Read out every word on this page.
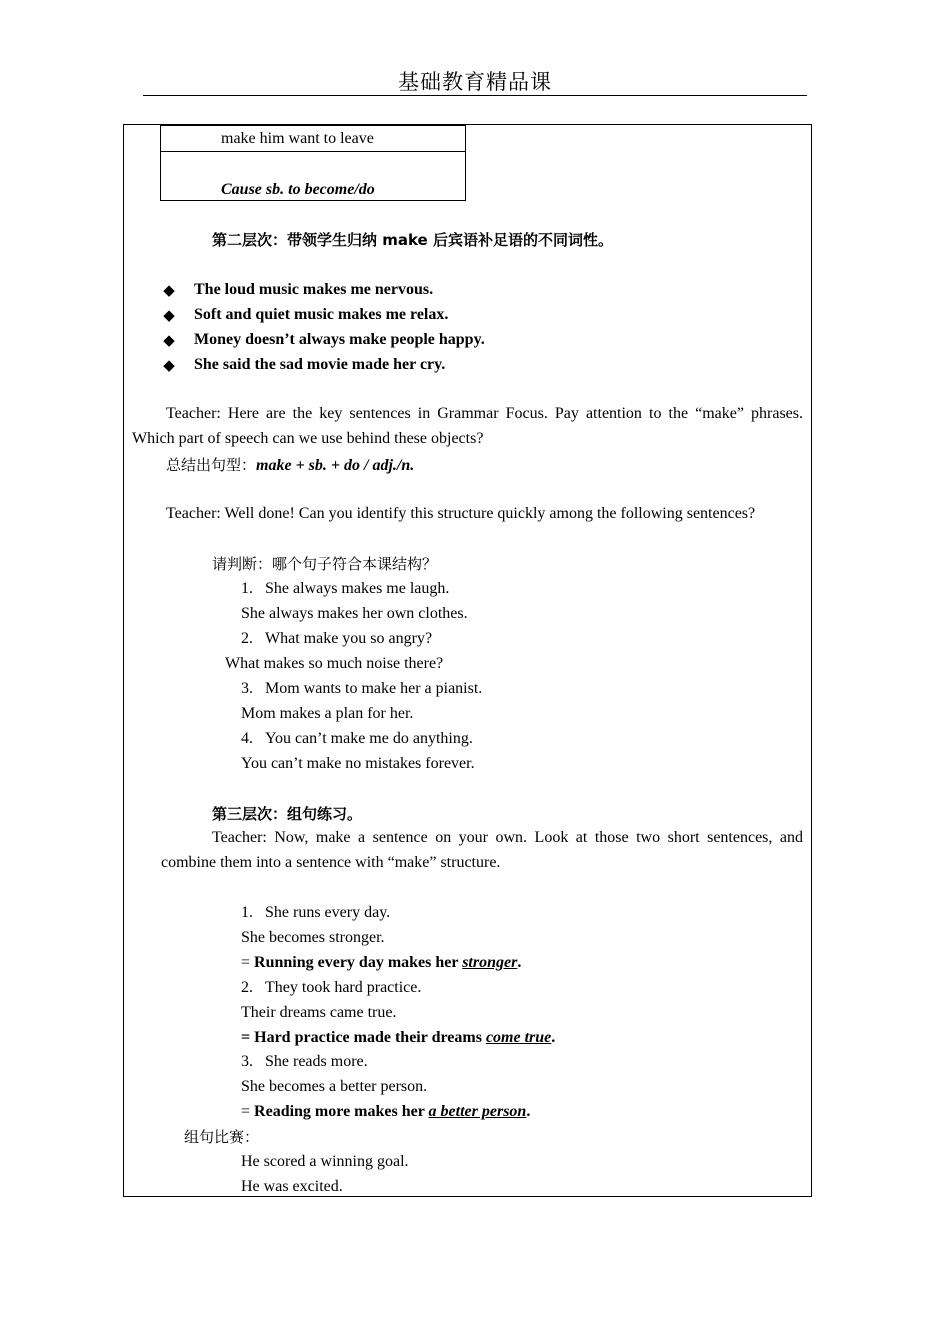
基础教育精品课
make him want to leave
Cause sb. to become/do
第二层次：带领学生归纳 make 后宾语补足语的不同词性。
◆ The loud music makes me nervous.
◆ Soft and quiet music makes me relax.
◆ Money doesn’t always make people happy.
◆ She said the sad movie made her cry.
Teacher: Here are the key sentences in Grammar Focus. Pay attention to the “make” phrases. Which part of speech can we use behind these objects?
总结出句型：make + sb. + do / adj./n.
Teacher: Well done! Can you identify this structure quickly among the following sentences?
请判断：哪个句子符合本课结构？
1. She always makes me laugh.
She always makes her own clothes.
2. What make you so angry?
What makes so much noise there?
3. Mom wants to make her a pianist.
Mom makes a plan for her.
4. You can’t make me do anything.
You can’t make no mistakes forever.
第三层次：组句练习。
Teacher: Now, make a sentence on your own. Look at those two short sentences, and combine them into a sentence with “make” structure.
1. She runs every day.
She becomes stronger.
= Running every day makes her stronger.
2. They took hard practice.
Their dreams came true.
= Hard practice made their dreams come true.
3. She reads more.
She becomes a better person.
= Reading more makes her a better person.
组句比赛：
He scored a winning goal.
He was excited.
